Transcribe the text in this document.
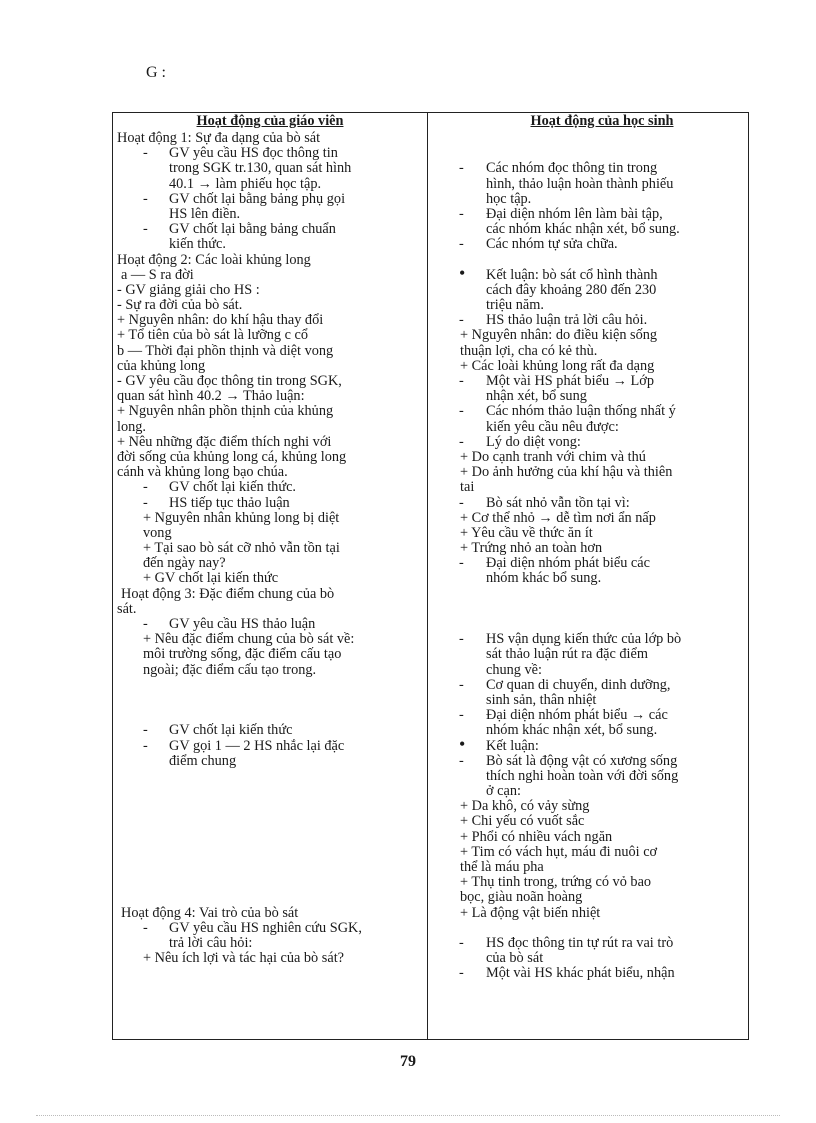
G :
Hoạt động của giáo viên
Hoạt động 1: Sự đa dạng của bò sát
- GV yêu cầu HS đọc thông tin
trong SGK tr.130, quan sát hình
40.1 → làm phiếu học tập.
- GV chốt lại bằng bảng phụ gọi
HS lên điền.
- GV chốt lại bằng bảng chuẩn
kiến thức.
Hoạt động 2: Các loài khủng long
a — S ra đời
- GV giảng giải cho HS :
- Sự ra đời của bò sát.
+ Nguyên nhân: do khí hậu thay đổi
+ Tổ tiên của bò sát là lưỡng c cổ
b — Thời đại phồn thịnh và diệt vong
của khủng long
- GV yêu cầu đọc thông tin trong SGK,
quan sát hình 40.2 → Thảo luận:
+ Nguyên nhân phồn thịnh của khủng
long.
+ Nêu những đặc điểm thích nghi với
đời sống của khủng long cá, khủng long
cánh và khủng long bạo chúa.
- GV chốt lại kiến thức.
- HS tiếp tục thảo luận
+ Nguyên nhân khủng long bị diệt
vong
+ Tại sao bò sát cỡ nhỏ vẫn tồn tại
đến ngày nay?
+ GV chốt lại kiến thức
Hoạt động 3: Đặc điểm chung của bò
sát.
- GV yêu cầu HS thảo luận
+ Nêu đặc điểm chung của bò sát về:
môi trường sống, đặc điểm cấu tạo
ngoài; đặc điểm cấu tạo trong.
- GV chốt lại kiến thức
- GV gọi 1 — 2 HS nhắc lại đặc
điểm chung
Hoạt động 4: Vai trò của bò sát
- GV yêu cầu HS nghiên cứu SGK,
trả lời câu hỏi:
+ Nêu ích lợi và tác hại của bò sát?
Hoạt động của học sinh
- Các nhóm đọc thông tin trong
hình, thảo luận hoàn thành phiếu
học tập.
- Đại diện nhóm lên làm bài tập,
các nhóm khác nhận xét, bổ sung.
- Các nhóm tự sửa chữa.
• Kết luận: bò sát cổ hình thành
cách đây khoảng 280 đến 230
triệu năm.
- HS thảo luận trả lời câu hỏi.
+ Nguyên nhân: do điều kiện sống
thuận lợi, cha có kẻ thù.
+ Các loài khủng long rất đa dạng
- Một vài HS phát biểu → Lớp
nhận xét, bổ sung
- Các nhóm thảo luận thống nhất ý
kiến yêu cầu nêu được:
- Lý do diệt vong:
+ Do cạnh tranh với chim và thú
+ Do ảnh hưởng của khí hậu và thiên
tai
- Bò sát nhỏ vẫn tồn tại vì:
+ Cơ thể nhỏ → dễ tìm nơi ẩn nấp
+ Yêu cầu về thức ăn ít
+ Trứng nhỏ an toàn hơn
- Đại diện nhóm phát biểu các
nhóm khác bổ sung.
- HS vận dụng kiến thức của lớp bò
sát thảo luận rút ra đặc điểm
chung về:
- Cơ quan di chuyển, dinh dưỡng,
sinh sản, thân nhiệt
- Đại diện nhóm phát biểu → các
nhóm khác nhận xét, bổ sung.
• Kết luận:
- Bò sát là động vật có xương sống
thích nghi hoàn toàn với đời sống
ở cạn:
+ Da khô, có vảy sừng
+ Chi yếu có vuốt sắc
+ Phổi có nhiều vách ngăn
+ Tim có vách hụt, máu đi nuôi cơ
thể là máu pha
+ Thụ tinh trong, trứng có vỏ bao
bọc, giàu noãn hoàng
+ Là động vật biến nhiệt
- HS đọc thông tin tự rút ra vai trò
của bò sát
- Một vài HS khác phát biểu, nhận
79
